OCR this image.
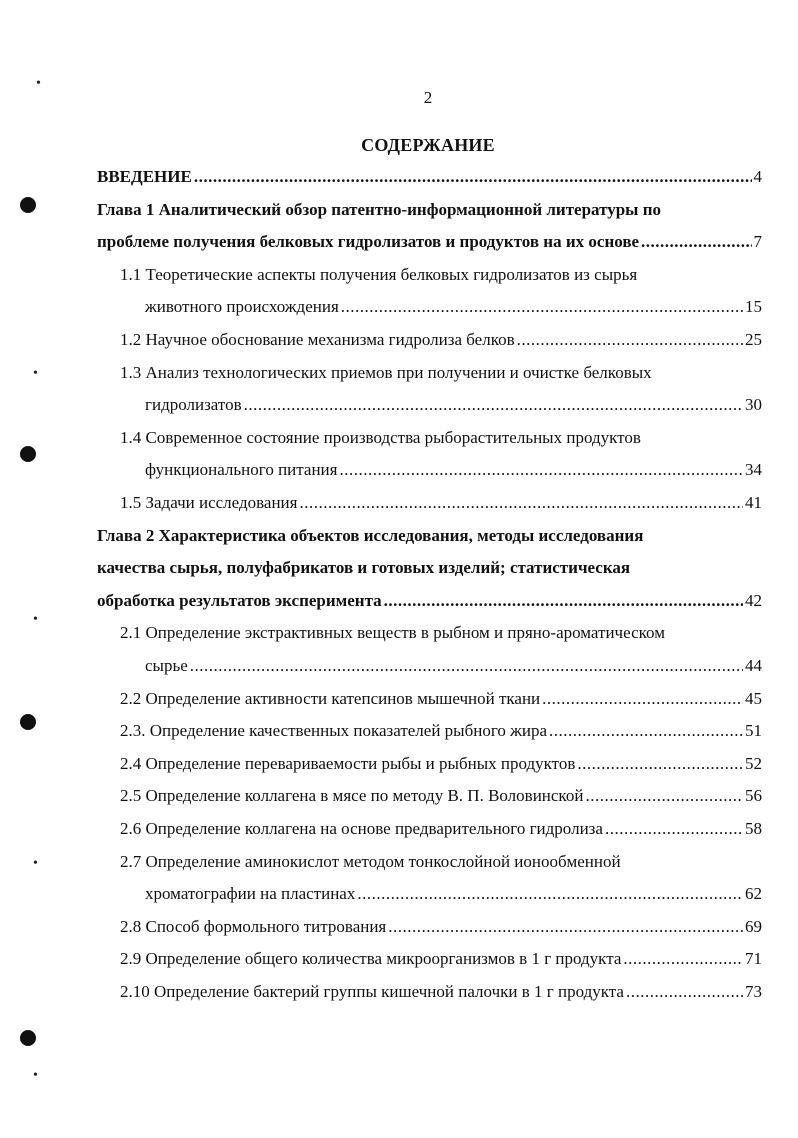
2
СОДЕРЖАНИЕ
•
•
•
•
•
ВВЕДЕНИЕ .....	4
Глава 1 Аналитический обзор патентно-информационной литературы по
проблеме получения белковых гидролизатов и продуктов на их основе .....	7
1.1 Теоретические аспекты получения белковых гидролизатов из сырья
животного происхождения .....	15
1.2 Научное обоснование механизма гидролиза белков .....	25
1.3 Анализ технологических приемов при получении и очистке белковых
гидролизатов .....	30
1.4 Современное состояние производства рыборастительных продуктов
функционального питания .....	34
1.5 Задачи исследования .....	41
Глава 2 Характеристика объектов исследования, методы исследования
качества сырья, полуфабрикатов и готовых изделий; статистическая
обработка результатов эксперимента .....	42
2.1 Определение экстрактивных веществ в рыбном и пряно-ароматическом
сырье .....	44
2.2 Определение активности катепсинов мышечной ткани .....	45
2.3. Определение качественных показателей рыбного жира .....	51
2.4 Определение перевариваемости рыбы и рыбных продуктов .....	52
2.5 Определение коллагена в мясе по методу В. П. Воловинской .....	56
2.6 Определение коллагена на основе предварительного гидролиза .....	58
2.7 Определение аминокислот методом тонкослойной ионообменной
хроматографии на пластинах .....	62
2.8 Способ формольного титрования .....	69
2.9 Определение общего количества микроорганизмов в 1 г продукта .....	71
2.10 Определение бактерий группы кишечной палочки в 1 г продукта .....	73
